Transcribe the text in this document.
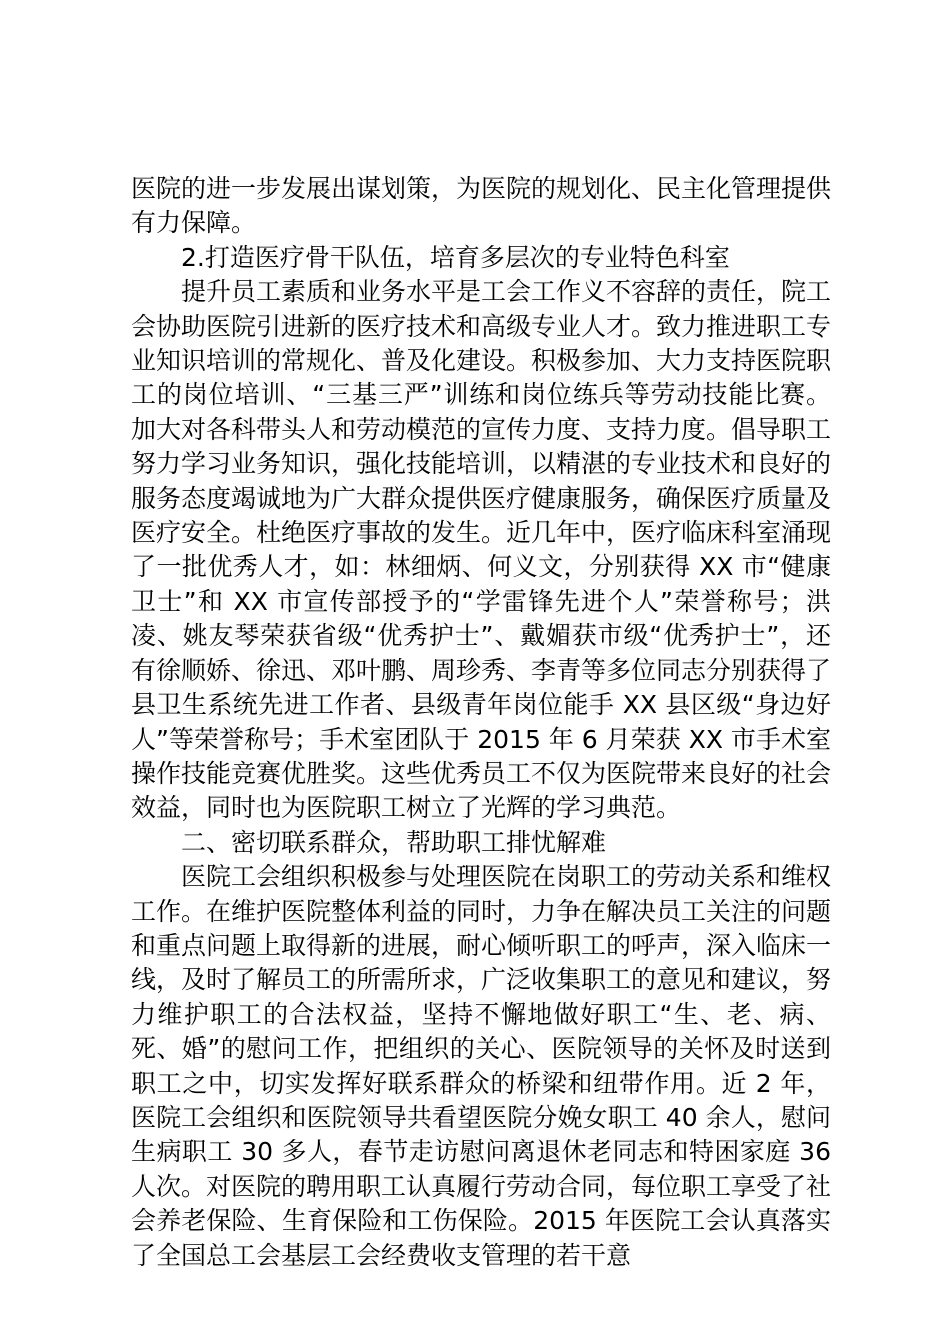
医院的进一步发展出谋划策，为医院的规划化、民主化管理提供有力保障。

2.打造医疗骨干队伍，培育多层次的专业特色科室

提升员工素质和业务水平是工会工作义不容辞的责任，院工会协助医院引进新的医疗技术和高级专业人才。致力推进职工专业知识培训的常规化、普及化建设。积极参加、大力支持医院职工的岗位培训、“三基三严”训练和岗位练兵等劳动技能比赛。加大对各科带头人和劳动模范的宣传力度、支持力度。倡导职工努力学习业务知识，强化技能培训，以精湛的专业技术和良好的服务态度竭诚地为广大群众提供医疗健康服务，确保医疗质量及医疗安全。杜绝医疗事故的发生。近几年中，医疗临床科室涌现了一批优秀人才，如：林细炳、何义文，分别获得 XX 市“健康卫士”和 XX 市宣传部授予的“学雷锋先进个人”荣誉称号；洪凌、姚友琴荣获省级“优秀护士”、戴媚获市级“优秀护士”，还有徐顺娇、徐迅、邓叶鹏、周珍秀、李青等多位同志分别获得了县卫生系统先进工作者、县级青年岗位能手 XX 县区级“身边好人”等荣誉称号；手术室团队于 2015 年 6 月荣获 XX 市手术室操作技能竞赛优胜奖。这些优秀员工不仅为医院带来良好的社会效益，同时也为医院职工树立了光辉的学习典范。

二、密切联系群众，帮助职工排忧解难

医院工会组织积极参与处理医院在岗职工的劳动关系和维权工作。在维护医院整体利益的同时，力争在解决员工关注的问题和重点问题上取得新的进展，耐心倾听职工的呼声，深入临床一线，及时了解员工的所需所求，广泛收集职工的意见和建议，努力维护职工的合法权益，坚持不懈地做好职工“生、老、病、死、婚”的慰问工作，把组织的关心、医院领导的关怀及时送到职工之中，切实发挥好联系群众的桥梁和纽带作用。近 2 年，医院工会组织和医院领导共看望医院分娩女职工 40 余人，慰问生病职工 30 多人，春节走访慰问离退休老同志和特困家庭 36 人次。对医院的聘用职工认真履行劳动合同，每位职工享受了社会养老保险、生育保险和工伤保险。2015 年医院工会认真落实了全国总工会基层工会经费收支管理的若干意
